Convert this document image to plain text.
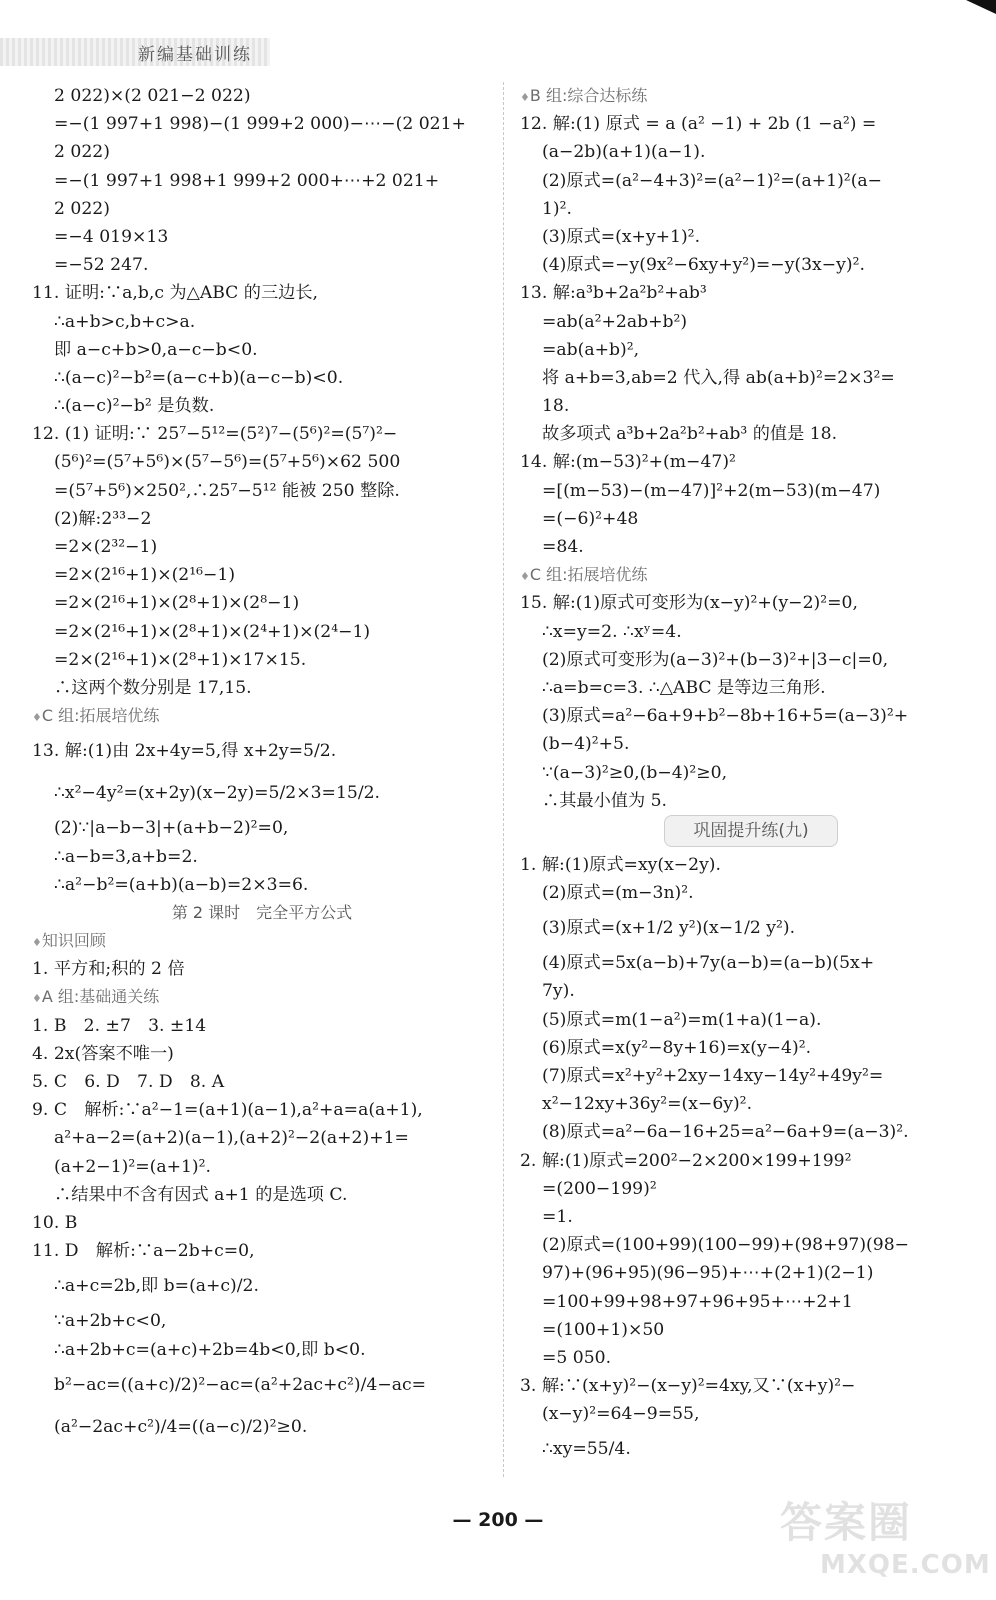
新编基础训练
2 022)×(2 021−2 022)
=−(1 997+1 998)−(1 999+2 000)−⋯−(2 021+
2 022)
=−(1 997+1 998+1 999+2 000+⋯+2 021+
2 022)
=−4 019×13
=−52 247.
11. 证明:∵a,b,c 为△ABC 的三边长,
∴a+b>c,b+c>a.
即 a−c+b>0,a−c−b<0.
∴(a−c)²−b²=(a−c+b)(a−c−b)<0.
∴(a−c)²−b² 是负数.
12. (1) 证明:∵ 25⁷−5¹²=(5²)⁷−(5⁶)²=(5⁷)²−
(5⁶)²=(5⁷+5⁶)×(5⁷−5⁶)=(5⁷+5⁶)×62 500
=(5⁷+5⁶)×250²,∴25⁷−5¹² 能被 250 整除.
(2)解:2³³−2
=2×(2³²−1)
=2×(2¹⁶+1)×(2¹⁶−1)
=2×(2¹⁶+1)×(2⁸+1)×(2⁸−1)
=2×(2¹⁶+1)×(2⁸+1)×(2⁴+1)×(2⁴−1)
=2×(2¹⁶+1)×(2⁸+1)×17×15.
∴这两个数分别是 17,15.
♦ C 组:拓展培优练
13. 解:(1)由 2x+4y=5,得 x+2y=5/2.
∴x²−4y²=(x+2y)(x−2y)=5/2×3=15/2.
(2)∵|a−b−3|+(a+b−2)²=0,
∴a−b=3,a+b=2.
∴a²−b²=(a+b)(a−b)=2×3=6.
第 2 课时　完全平方公式
♦ 知识回顾
1. 平方和;积的 2 倍
♦ A 组:基础通关练
1. B　2. ±7　3. ±14
4. 2x(答案不唯一)
5. C　6. D　7. D　8. A
9. C　解析:∵a²−1=(a+1)(a−1),a²+a=a(a+1),
a²+a−2=(a+2)(a−1),(a+2)²−2(a+2)+1=
(a+2−1)²=(a+1)².
∴结果中不含有因式 a+1 的是选项 C.
10. B
11. D　解析:∵a−2b+c=0,
∴a+c=2b,即 b=(a+c)/2.
∵a+2b+c<0,
∴a+2b+c=(a+c)+2b=4b<0,即 b<0.
b²−ac=((a+c)/2)²−ac=(a²+2ac+c²)/4−ac=
(a²−2ac+c²)/4=((a−c)/2)²≥0.
♦ B 组:综合达标练
12. 解:(1) 原式 = a (a² −1) + 2b (1 −a²) =
(a−2b)(a+1)(a−1).
(2)原式=(a²−4+3)²=(a²−1)²=(a+1)²(a−
1)².
(3)原式=(x+y+1)².
(4)原式=−y(9x²−6xy+y²)=−y(3x−y)².
13. 解:a³b+2a²b²+ab³
=ab(a²+2ab+b²)
=ab(a+b)²,
将 a+b=3,ab=2 代入,得 ab(a+b)²=2×3²=
18.
故多项式 a³b+2a²b²+ab³ 的值是 18.
14. 解:(m−53)²+(m−47)²
=[(m−53)−(m−47)]²+2(m−53)(m−47)
=(−6)²+48
=84.
♦ C 组:拓展培优练
15. 解:(1)原式可变形为(x−y)²+(y−2)²=0,
∴x=y=2. ∴xʸ=4.
(2)原式可变形为(a−3)²+(b−3)²+|3−c|=0,
∴a=b=c=3. ∴△ABC 是等边三角形.
(3)原式=a²−6a+9+b²−8b+16+5=(a−3)²+
(b−4)²+5.
∵(a−3)²≥0,(b−4)²≥0,
∴其最小值为 5.
巩固提升练(九)
1. 解:(1)原式=xy(x−2y).
(2)原式=(m−3n)².
(3)原式=(x+1/2 y²)(x−1/2 y²).
(4)原式=5x(a−b)+7y(a−b)=(a−b)(5x+
7y).
(5)原式=m(1−a²)=m(1+a)(1−a).
(6)原式=x(y²−8y+16)=x(y−4)².
(7)原式=x²+y²+2xy−14xy−14y²+49y²=
x²−12xy+36y²=(x−6y)².
(8)原式=a²−6a−16+25=a²−6a+9=(a−3)².
2. 解:(1)原式=200²−2×200×199+199²
=(200−199)²
=1.
(2)原式=(100+99)(100−99)+(98+97)(98−
97)+(96+95)(96−95)+⋯+(2+1)(2−1)
=100+99+98+97+96+95+⋯+2+1
=(100+1)×50
=5 050.
3. 解:∵(x+y)²−(x−y)²=4xy,又∵(x+y)²−
(x−y)²=64−9=55,
∴xy=55/4.
— 200 —	答案圈
MXQE.COM
